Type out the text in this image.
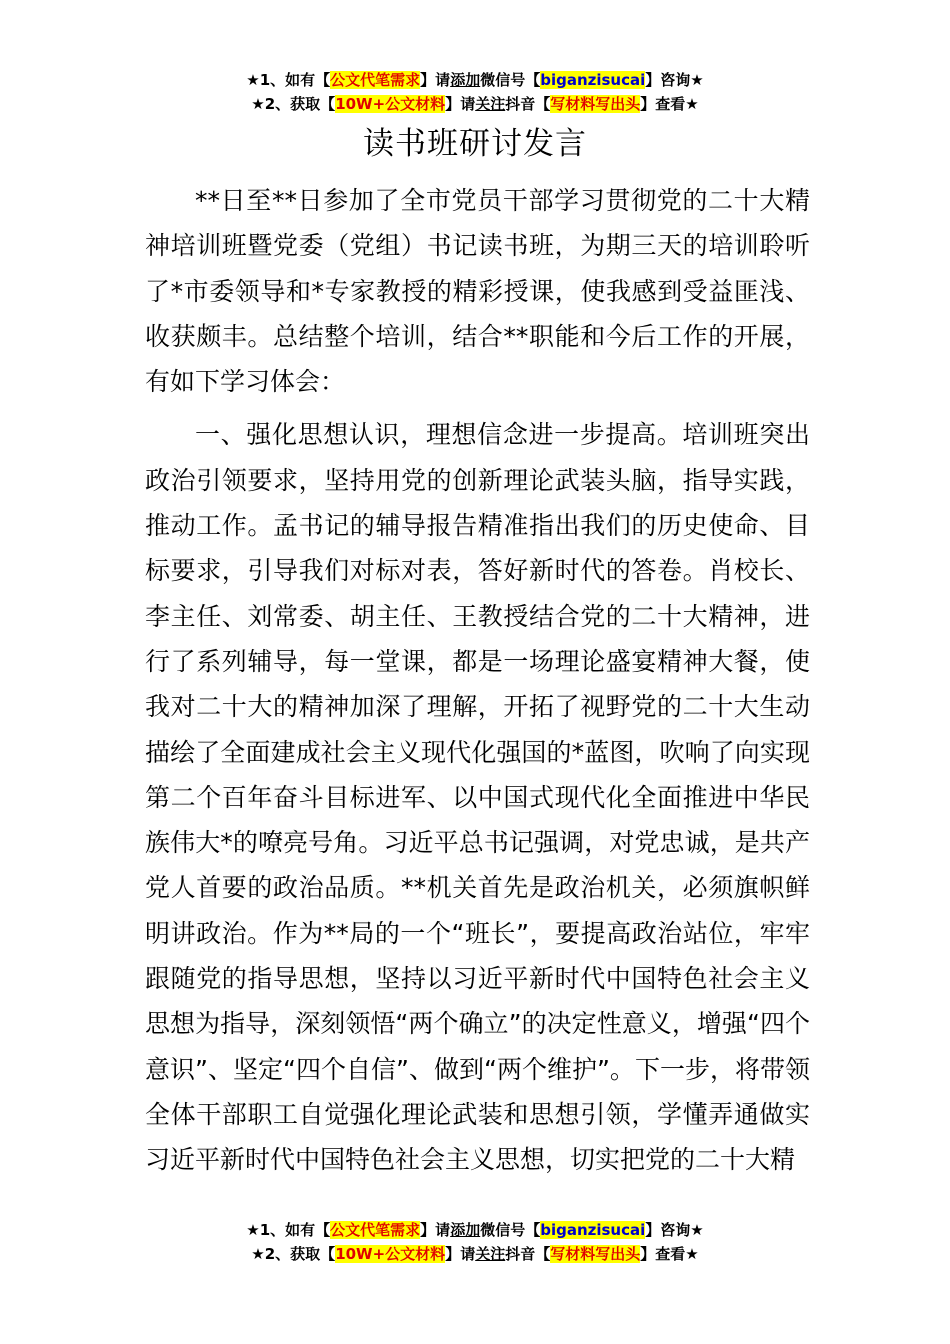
★1、如有【公文代笔需求】请添加微信号【biganzisucai】咨询★
★2、获取【10W+公文材料】请关注抖音【写材料写出头】查看★
读书班研讨发言

**日至**日参加了全市党员干部学习贯彻党的二十大精神培训班暨党委（党组）书记读书班，为期三天的培训聆听了*市委领导和*专家教授的精彩授课，使我感到受益匪浅、收获颇丰。总结整个培训，结合**职能和今后工作的开展，有如下学习体会：

一、强化思想认识，理想信念进一步提高。培训班突出政治引领要求，坚持用党的创新理论武装头脑，指导实践，推动工作。孟书记的辅导报告精准指出我们的历史使命、目标要求，引导我们对标对表，答好新时代的答卷。肖校长、李主任、刘常委、胡主任、王教授结合党的二十大精神，进行了系列辅导，每一堂课，都是一场理论盛宴精神大餐，使我对二十大的精神加深了理解，开拓了视野党的二十大生动描绘了全面建成社会主义现代化强国的*蓝图，吹响了向实现第二个百年奋斗目标进军、以中国式现代化全面推进中华民族伟大*的嘹亮号角。习近平总书记强调，对党忠诚，是共产党人首要的政治品质。**机关首先是政治机关，必须旗帜鲜明讲政治。作为**局的一个“班长”，要提高政治站位，牢牢跟随党的指导思想，坚持以习近平新时代中国特色社会主义思想为指导，深刻领悟“两个确立”的决定性意义，增强“四个意识”、坚定“四个自信”、做到“两个维护”。下一步，将带领全体干部职工自觉强化理论武装和思想引领，学懂弄通做实习近平新时代中国特色社会主义思想，切实把党的二十大精

★1、如有【公文代笔需求】请添加微信号【biganzisucai】咨询★
★2、获取【10W+公文材料】请关注抖音【写材料写出头】查看★
